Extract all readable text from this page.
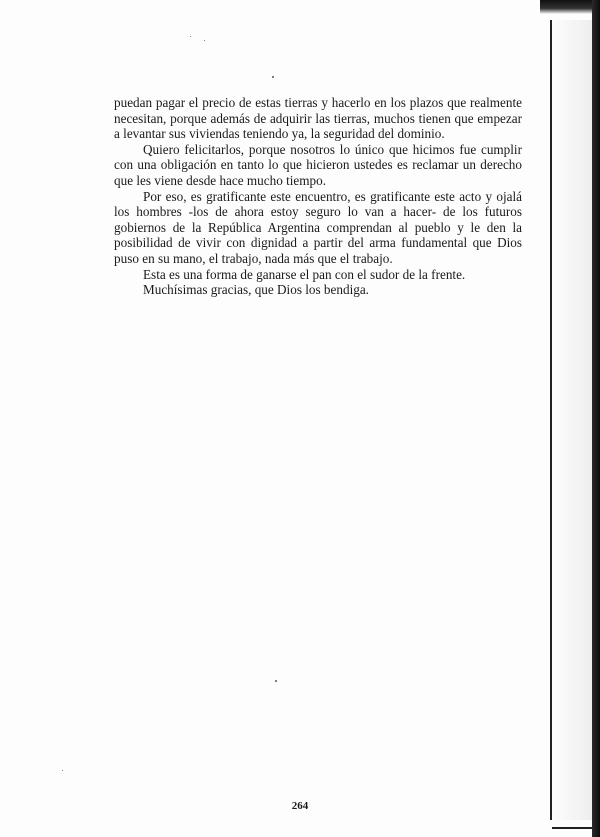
puedan pagar el precio de estas tierras y hacerlo en los plazos que realmente necesitan, porque además de adquirir las tierras, muchos tienen que empezar a levantar sus viviendas teniendo ya, la seguridad del dominio.

Quiero felicitarlos, porque nosotros lo único que hicimos fue cumplir con una obligación en tanto lo que hicieron ustedes es reclamar un derecho que les viene desde hace mucho tiempo.

Por eso, es gratificante este encuentro, es gratificante este acto y ojalá los hombres -los de ahora estoy seguro lo van a hacer- de los futuros gobiernos de la República Argentina comprendan al pueblo y le den la posibilidad de vivir con dignidad a partir del arma fundamental que Dios puso en su mano, el trabajo, nada más que el trabajo.

Esta es una forma de ganarse el pan con el sudor de la frente.

Muchísimas gracias, que Dios los bendiga.

264
